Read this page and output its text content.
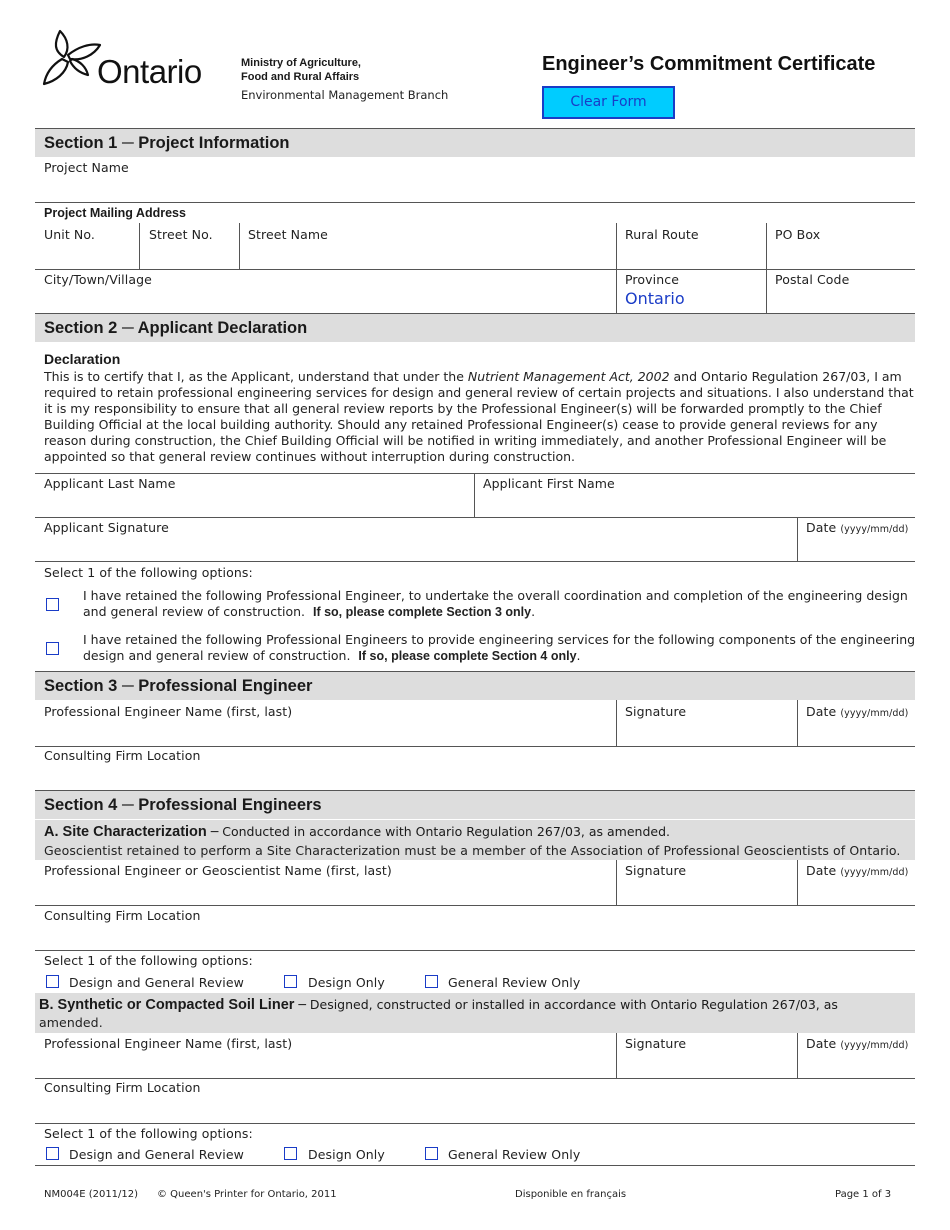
Ontario	Ministry of Agriculture,
Food and Rural Affairs
Environmental Management Branch
Engineer’s Commitment Certificate
Clear Form
Section 1 ─ Project Information
Project Name
Project Mailing Address
Unit No.	Street No.	Street Name	Rural Route	PO Box
City/Town/Village	Province
Ontario
Postal Code
Section 2 ─ Applicant Declaration
Declaration
This is to certify that I, as the Applicant, understand that under the Nutrient Management Act, 2002 and Ontario Regulation 267/03, I am
required to retain professional engineering services for design and general review of certain projects and situations. I also understand that
it is my responsibility to ensure that all general review reports by the Professional Engineer(s) will be forwarded promptly to the Chief
Building Official at the local building authority. Should any retained Professional Engineer(s) cease to provide general reviews for any
reason during construction, the Chief Building Official will be notified in writing immediately, and another Professional Engineer will be
appointed so that general review continues without interruption during construction.
Applicant Last Name	Applicant First Name
Applicant Signature	Date (yyyy/mm/dd)
Select 1 of the following options:
I have retained the following Professional Engineer, to undertake the overall coordination and completion of the engineering design
and general review of construction. If so, please complete Section 3 only.
I have retained the following Professional Engineers to provide engineering services for the following components of the engineering
design and general review of construction. If so, please complete Section 4 only.
Section 3 ─ Professional Engineer
Professional Engineer Name (first, last)	Signature	Date (yyyy/mm/dd)
Consulting Firm Location
Section 4 ─ Professional Engineers
A. Site Characterization ─ Conducted in accordance with Ontario Regulation 267/03, as amended.
Geoscientist retained to perform a Site Characterization must be a member of the Association of Professional Geoscientists of Ontario.
Professional Engineer or Geoscientist Name (first, last)	Signature	Date (yyyy/mm/dd)
Consulting Firm Location
Select 1 of the following options:
Design and General Review	Design Only	General Review Only
B. Synthetic or Compacted Soil Liner ─ Designed, constructed or installed in accordance with Ontario Regulation 267/03, as
amended.
Professional Engineer Name (first, last)	Signature	Date (yyyy/mm/dd)
Consulting Firm Location
Select 1 of the following options:
Design and General Review	Design Only	General Review Only
NM004E (2011/12) © Queen's Printer for Ontario, 2011	Disponible en français	Page 1 of 3
